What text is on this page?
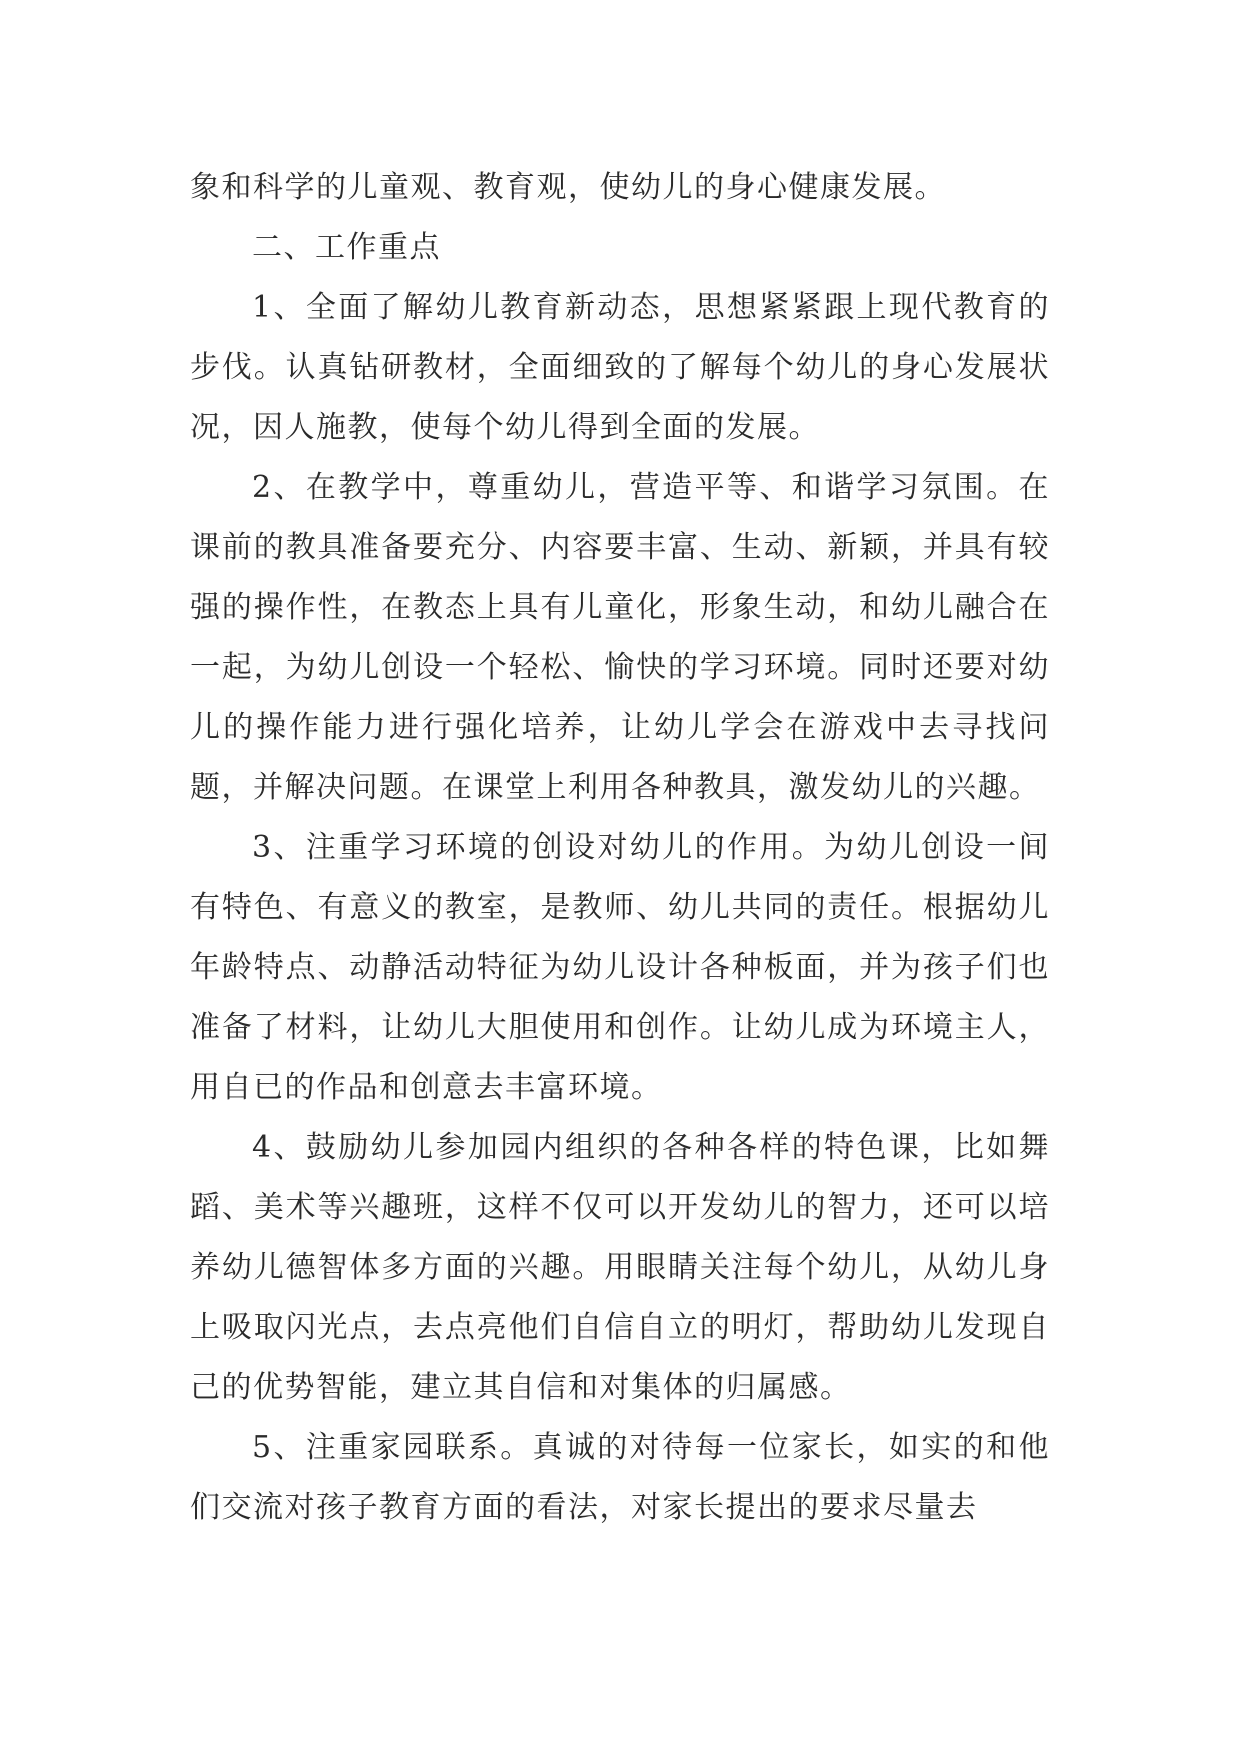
象和科学的儿童观、教育观，使幼儿的身心健康发展。

二、工作重点

1、全面了解幼儿教育新动态，思想紧紧跟上现代教育的步伐。认真钻研教材，全面细致的了解每个幼儿的身心发展状况，因人施教，使每个幼儿得到全面的发展。

2、在教学中，尊重幼儿，营造平等、和谐学习氛围。在课前的教具准备要充分、内容要丰富、生动、新颖，并具有较强的操作性，在教态上具有儿童化，形象生动，和幼儿融合在一起，为幼儿创设一个轻松、愉快的学习环境。同时还要对幼儿的操作能力进行强化培养，让幼儿学会在游戏中去寻找问题，并解决问题。在课堂上利用各种教具，激发幼儿的兴趣。

3、注重学习环境的创设对幼儿的作用。为幼儿创设一间有特色、有意义的教室，是教师、幼儿共同的责任。根据幼儿年龄特点、动静活动特征为幼儿设计各种板面，并为孩子们也准备了材料，让幼儿大胆使用和创作。让幼儿成为环境主人，用自已的作品和创意去丰富环境。

4、鼓励幼儿参加园内组织的各种各样的特色课，比如舞蹈、美术等兴趣班，这样不仅可以开发幼儿的智力，还可以培养幼儿德智体多方面的兴趣。用眼睛关注每个幼儿，从幼儿身上吸取闪光点，去点亮他们自信自立的明灯，帮助幼儿发现自己的优势智能，建立其自信和对集体的归属感。

5、注重家园联系。真诚的对待每一位家长，如实的和他们交流对孩子教育方面的看法，对家长提出的要求尽量去
